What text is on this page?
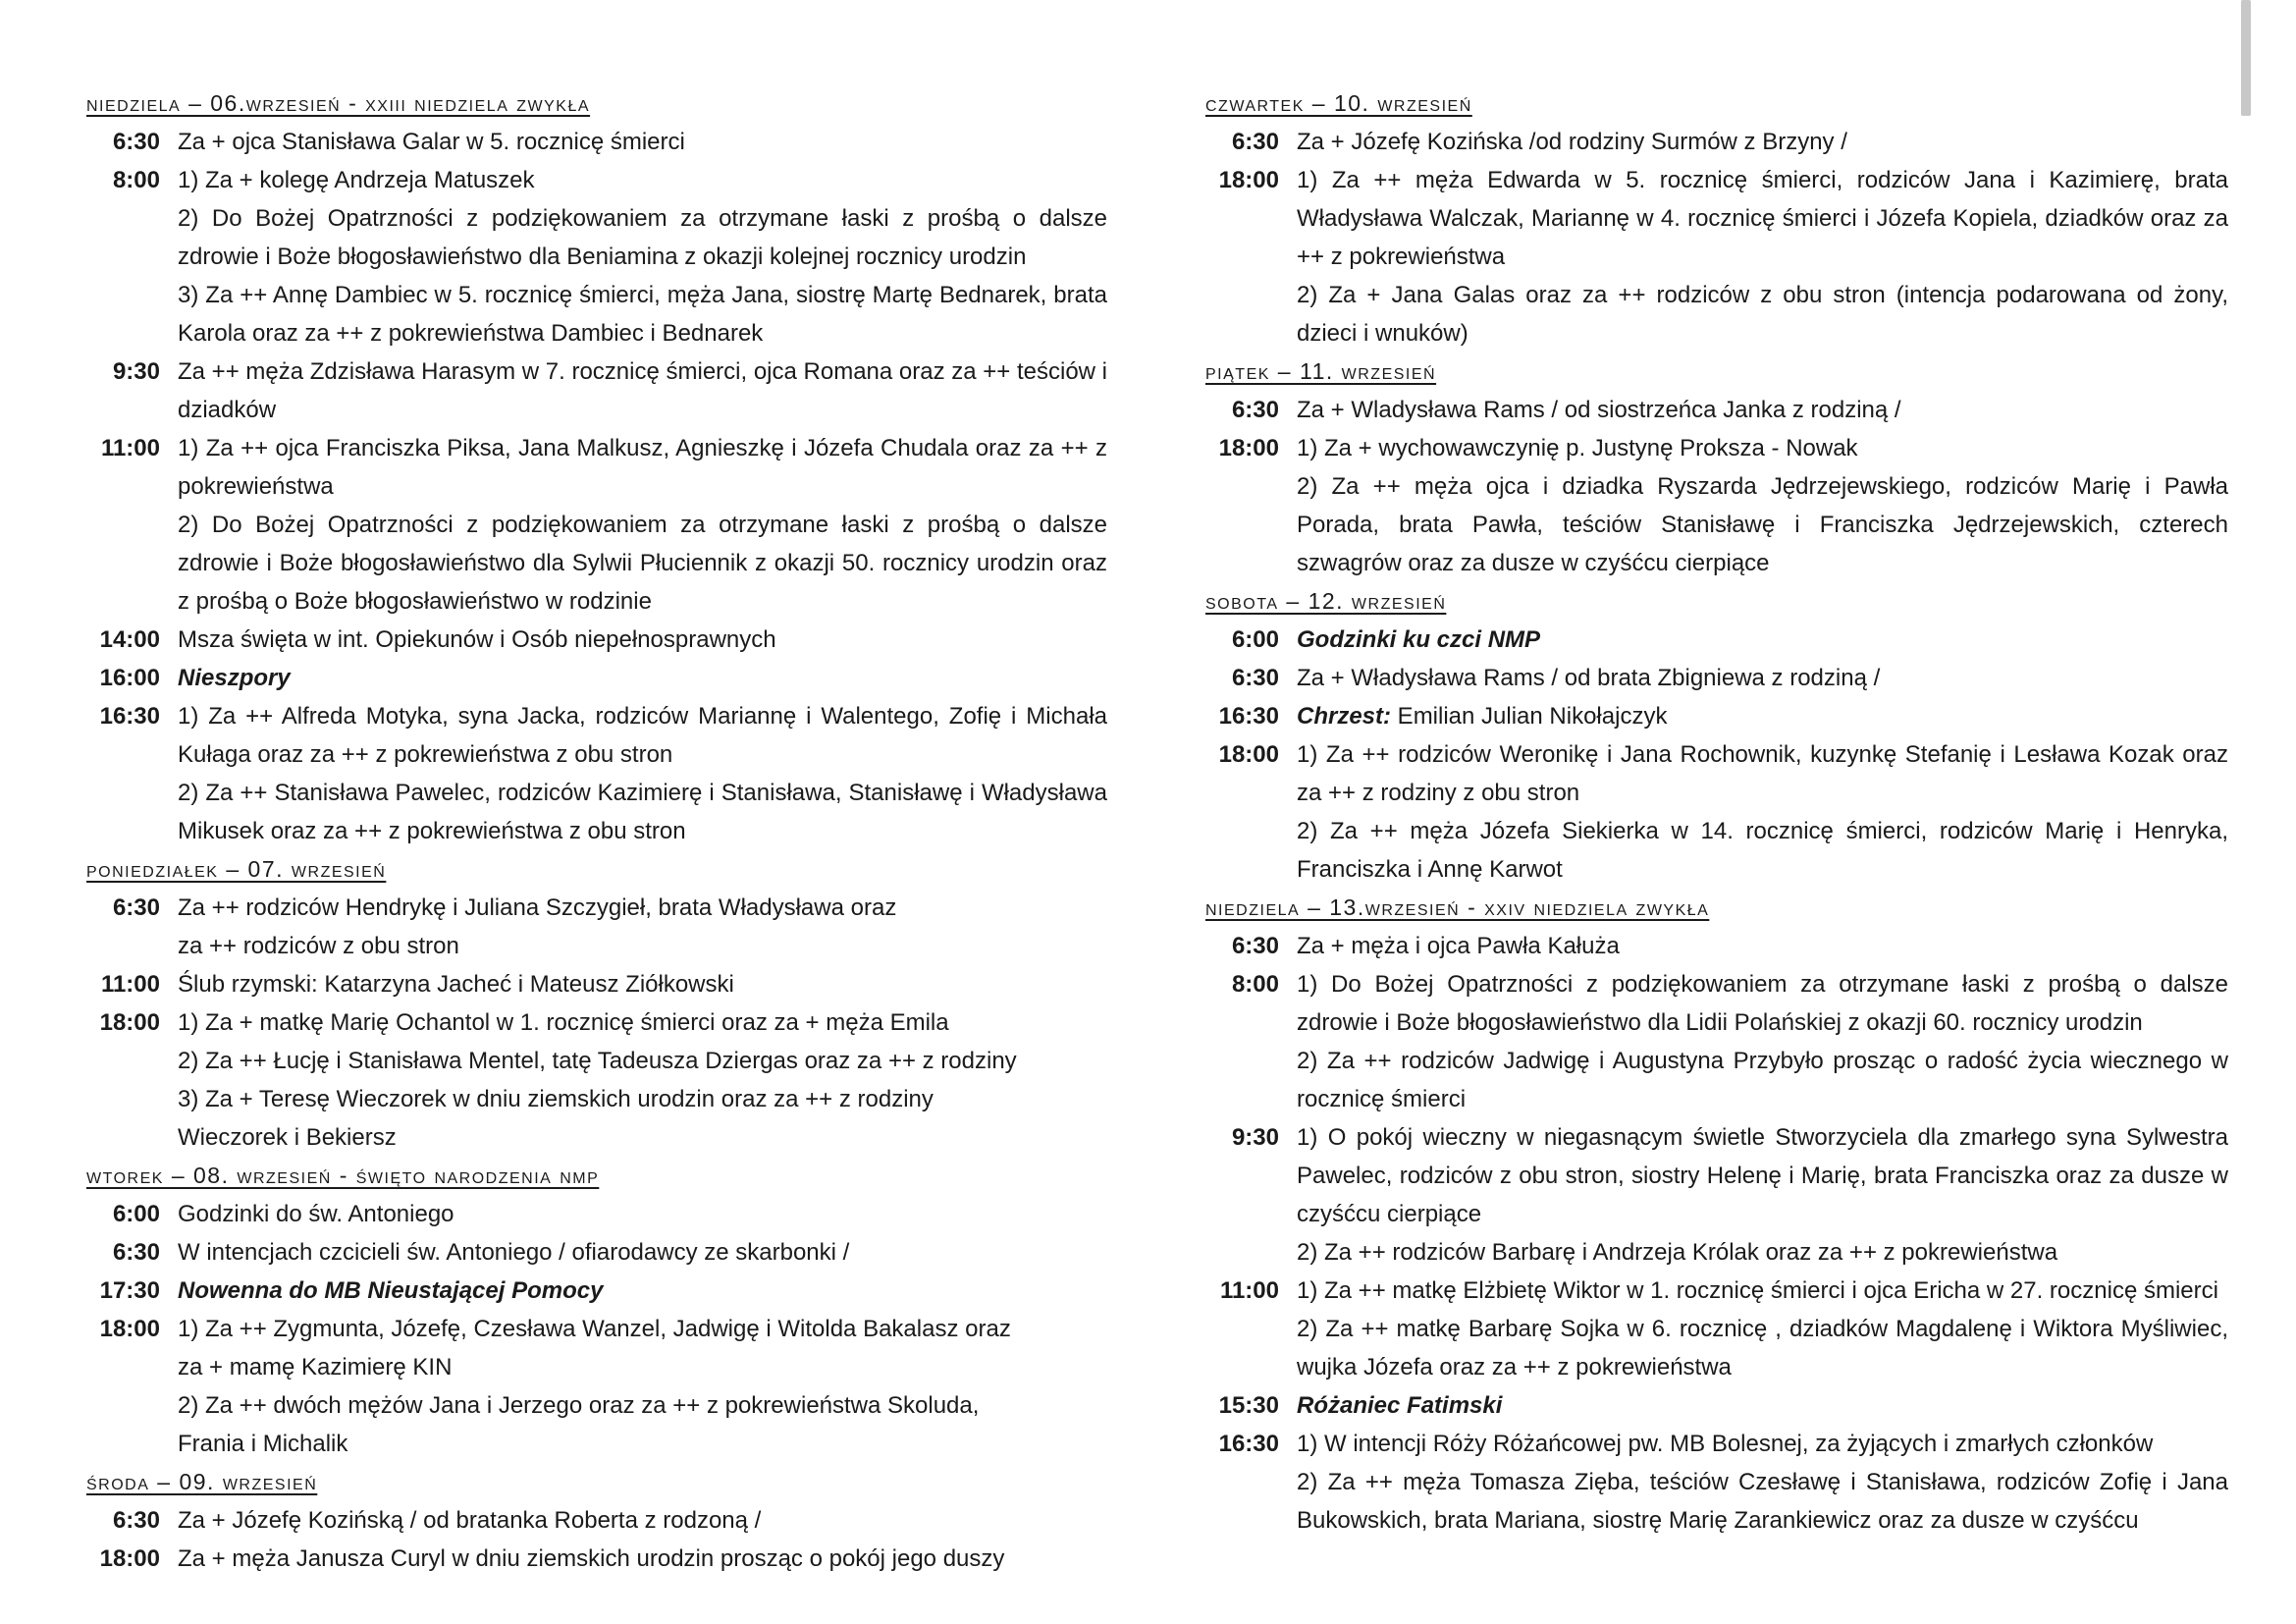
niedziela – 06.wrzesień - xxiii niedziela zwykła
6:30 Za + ojca Stanisława Galar w 5. rocznicę śmierci
8:00 1) Za + kolegę Andrzeja Matuszek
2) Do Bożej Opatrzności z podziękowaniem za otrzymane łaski z prośbą o dalsze zdrowie i Boże błogosławieństwo dla Beniamina z okazji kolejnej rocznicy urodzin
3) Za ++ Annę Dambiec w 5. rocznicę śmierci, męża Jana, siostrę Martę Bednarek, brata Karola oraz za ++ z pokrewieństwa Dambiec i Bednarek
9:30 Za ++ męża Zdzisława Harasym w 7. rocznicę śmierci, ojca Romana oraz za ++ teściów i dziadków
11:00 1) Za ++ ojca Franciszka Piksa, Jana Malkusz, Agnieszkę i Józefa Chudala oraz za ++ z pokrewieństwa
2) Do Bożej Opatrzności z podziękowaniem za otrzymane łaski z prośbą o dalsze zdrowie i Boże błogosławieństwo dla Sylwii Płuciennik z okazji 50. rocznicy urodzin oraz z prośbą o Boże błogosławieństwo w rodzinie
14:00 Msza święta w int. Opiekunów i Osób niepełnosprawnych
16:00 Nieszpory
16:30 1) Za ++ Alfreda Motyka, syna Jacka, rodziców Mariannę i Walentego, Zofię i Michała Kułaga oraz za ++ z pokrewieństwa z obu stron
2) Za ++ Stanisława Pawelec, rodziców Kazimierę i Stanisława, Stanisławę i Władysława Mikusek oraz za ++ z pokrewieństwa z obu stron
poniedziałek – 07. wrzesień
6:30 Za ++ rodziców Hendrykę i Juliana Szczygieł, brata Władysława oraz
za ++ rodziców z obu stron
11:00 Ślub rzymski: Katarzyna Jacheć i Mateusz Ziółkowski
18:00 1) Za + matkę Marię Ochantol w 1. rocznicę śmierci oraz za + męża Emila
2) Za ++ Łucję i Stanisława Mentel, tatę Tadeusza Dziergas oraz za ++ z rodziny
3) Za + Teresę Wieczorek w dniu ziemskich urodzin oraz za ++ z rodziny
Wieczorek i Bekiersz
wtorek – 08. wrzesień - święto narodzenia nmp
6:00 Godzinki do św. Antoniego
6:30 W intencjach czcicieli św. Antoniego / ofiarodawcy ze skarbonki /
17:30 Nowenna do MB Nieustającej Pomocy
18:00 1) Za ++ Zygmunta, Józefę, Czesława Wanzel, Jadwigę i Witolda Bakalasz oraz
za + mamę Kazimierę KIN
2) Za ++ dwóch mężów Jana i Jerzego oraz za ++ z pokrewieństwa Skoluda,
Frania i Michalik
środa – 09. wrzesień
6:30 Za + Józefę Kozińską / od bratanka Roberta z rodzoną /
18:00 Za + męża Janusza Curyl w dniu ziemskich urodzin prosząc o pokój jego duszy
czwartek – 10. wrzesień
6:30 Za + Józefę Kozińska /od rodziny Surmów z Brzyny /
18:00 1) Za ++ męża Edwarda w 5. rocznicę śmierci, rodziców Jana i Kazimierę, brata Władysława Walczak, Mariannę w 4. rocznicę śmierci i Józefa Kopiela, dziadków oraz za ++ z pokrewieństwa
2) Za + Jana Galas oraz za ++ rodziców z obu stron (intencja podarowana od żony, dzieci i wnuków)
piątek – 11. wrzesień
6:30 Za + Wladysława Rams / od siostrzeńca Janka z rodziną /
18:00 1) Za + wychowawczynię p. Justynę Proksza - Nowak
2) Za ++ męża ojca i dziadka Ryszarda Jędrzejewskiego, rodziców Marię i Pawła Porada, brata Pawła, teściów Stanisławę i Franciszka Jędrzejewskich, czterech szwagrów oraz za dusze w czyśćcu cierpiące
sobota – 12. wrzesień
6:00 Godzinki ku czci NMP
6:30 Za + Władysława Rams / od brata Zbigniewa z rodziną /
16:30 Chrzest: Emilian Julian Nikołajczyk
18:00 1) Za ++ rodziców Weronikę i Jana Rochownik, kuzynkę Stefanię i Lesława Kozak oraz za ++ z rodziny z obu stron
2) Za ++ męża Józefa Siekierka w 14. rocznicę śmierci, rodziców Marię i Henryka, Franciszka i Annę Karwot
niedziela – 13.wrzesień - xxiv niedziela zwykła
6:30 Za + męża i ojca Pawła Kałuża
8:00 1) Do Bożej Opatrzności z podziękowaniem za otrzymane łaski z prośbą o dalsze zdrowie i Boże błogosławieństwo dla Lidii Polańskiej z okazji 60. rocznicy urodzin
2) Za ++ rodziców Jadwigę i Augustyna Przybyło prosząc o radość życia wiecznego w rocznicę śmierci
9:30 1) O pokój wieczny w niegasnącym świetle Stworzyciela dla zmarłego syna Sylwestra Pawelec, rodziców z obu stron, siostry Helenę i Marię, brata Franciszka oraz za dusze w czyśćcu cierpiące
2) Za ++ rodziców Barbarę i Andrzeja Królak oraz za ++ z pokrewieństwa
11:00 1) Za ++ matkę Elżbietę Wiktor w 1. rocznicę śmierci i ojca Ericha w 27. rocznicę śmierci
2) Za ++ matkę Barbarę Sojka w 6. rocznicę , dziadków Magdalenę i Wiktora Myśliwiec, wujka Józefa oraz za ++ z pokrewieństwa
15:30 Różaniec Fatimski
16:30 1) W intencji Róży Różańcowej pw. MB Bolesnej, za żyjących i zmarłych członków
2) Za ++ męża Tomasza Zięba, teściów Czesławę i Stanisława, rodziców Zofię i Jana Bukowskich, brata Mariana, siostrę Marię Zarankiewicz oraz za dusze w czyśćcu
